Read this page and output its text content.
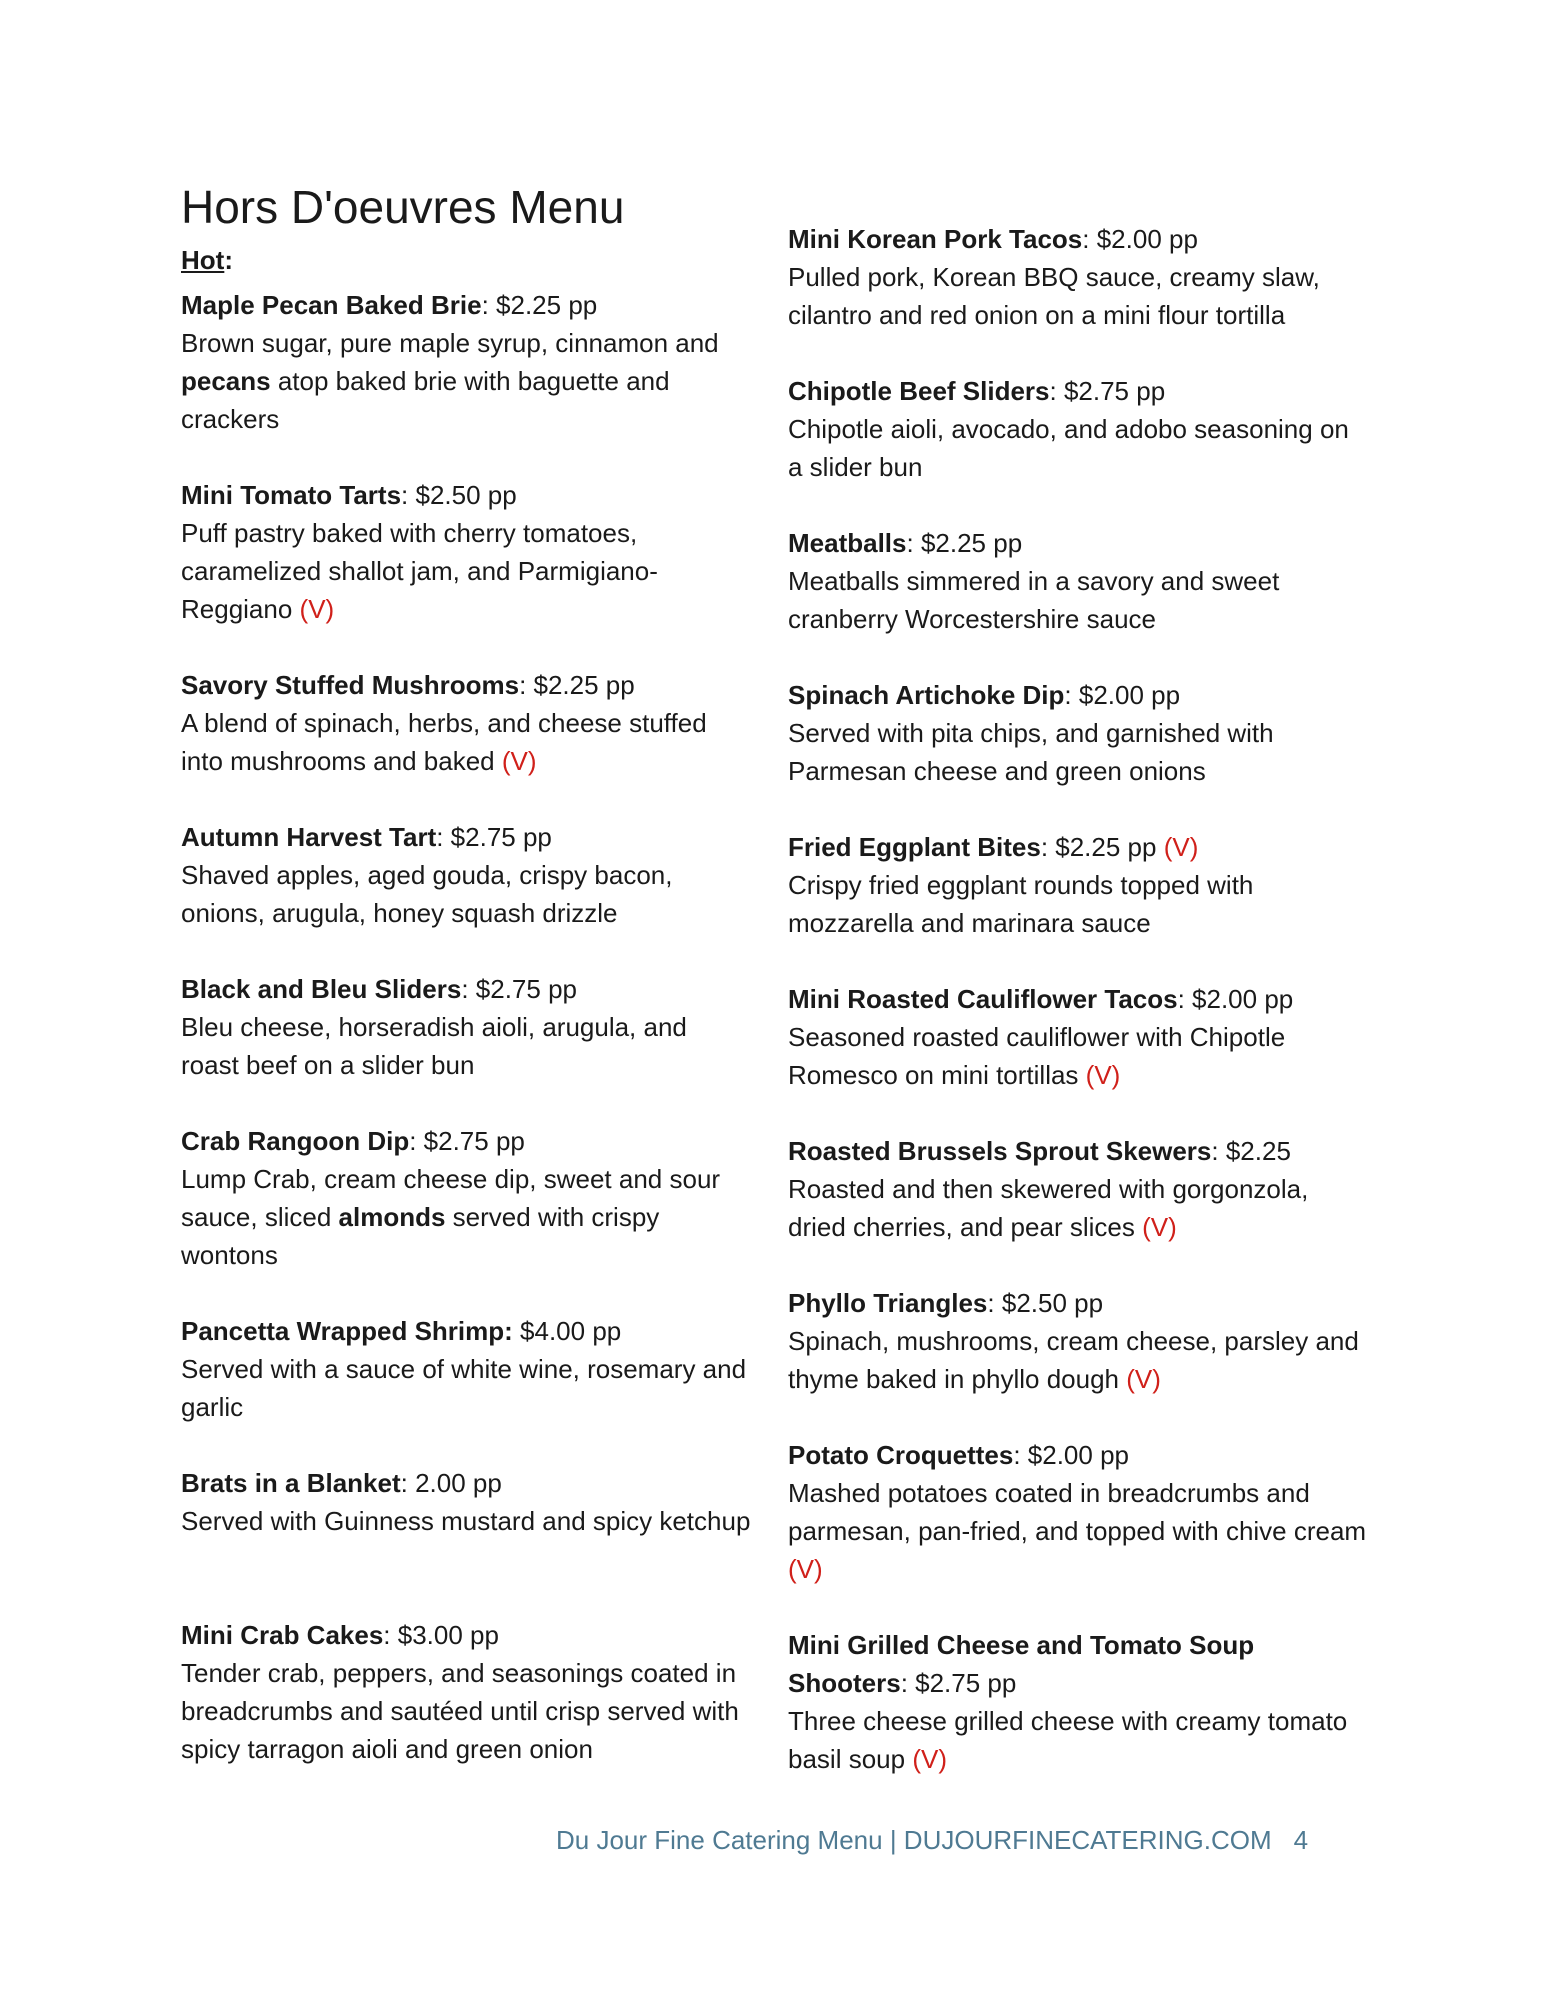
Hors D'oeuvres Menu
Hot:
Maple Pecan Baked Brie: $2.25 pp
Brown sugar, pure maple syrup, cinnamon and pecans atop baked brie with baguette and crackers
Mini Tomato Tarts: $2.50 pp
Puff pastry baked with cherry tomatoes, caramelized shallot jam, and Parmigiano-Reggiano (V)
Savory Stuffed Mushrooms: $2.25 pp
A blend of spinach, herbs, and cheese stuffed into mushrooms and baked (V)
Autumn Harvest Tart: $2.75 pp
Shaved apples, aged gouda, crispy bacon, onions, arugula, honey squash drizzle
Black and Bleu Sliders: $2.75 pp
Bleu cheese, horseradish aioli, arugula, and roast beef on a slider bun
Crab Rangoon Dip: $2.75 pp
Lump Crab, cream cheese dip, sweet and sour sauce, sliced almonds served with crispy wontons
Pancetta Wrapped Shrimp: $4.00 pp
Served with a sauce of white wine, rosemary and garlic
Brats in a Blanket: 2.00 pp
Served with Guinness mustard and spicy ketchup
Mini Crab Cakes: $3.00 pp
Tender crab, peppers, and seasonings coated in breadcrumbs and sautéed until crisp served with spicy tarragon aioli and green onion
Mini Korean Pork Tacos: $2.00 pp
Pulled pork, Korean BBQ sauce, creamy slaw, cilantro and red onion on a mini flour tortilla
Chipotle Beef Sliders: $2.75 pp
Chipotle aioli, avocado, and adobo seasoning on a slider bun
Meatballs: $2.25 pp
Meatballs simmered in a savory and sweet cranberry Worcestershire sauce
Spinach Artichoke Dip: $2.00 pp
Served with pita chips, and garnished with Parmesan cheese and green onions
Fried Eggplant Bites: $2.25 pp (V)
Crispy fried eggplant rounds topped with mozzarella and marinara sauce
Mini Roasted Cauliflower Tacos: $2.00 pp
Seasoned roasted cauliflower with Chipotle Romesco on mini tortillas (V)
Roasted Brussels Sprout Skewers: $2.25
Roasted and then skewered with gorgonzola, dried cherries, and pear slices (V)
Phyllo Triangles: $2.50 pp
Spinach, mushrooms, cream cheese, parsley and thyme baked in phyllo dough (V)
Potato Croquettes: $2.00 pp
Mashed potatoes coated in breadcrumbs and parmesan, pan-fried, and topped with chive cream (V)
Mini Grilled Cheese and Tomato Soup Shooters: $2.75 pp
Three cheese grilled cheese with creamy tomato basil soup (V)
Du Jour Fine Catering Menu | DUJOURFINECATERING.COM 4
